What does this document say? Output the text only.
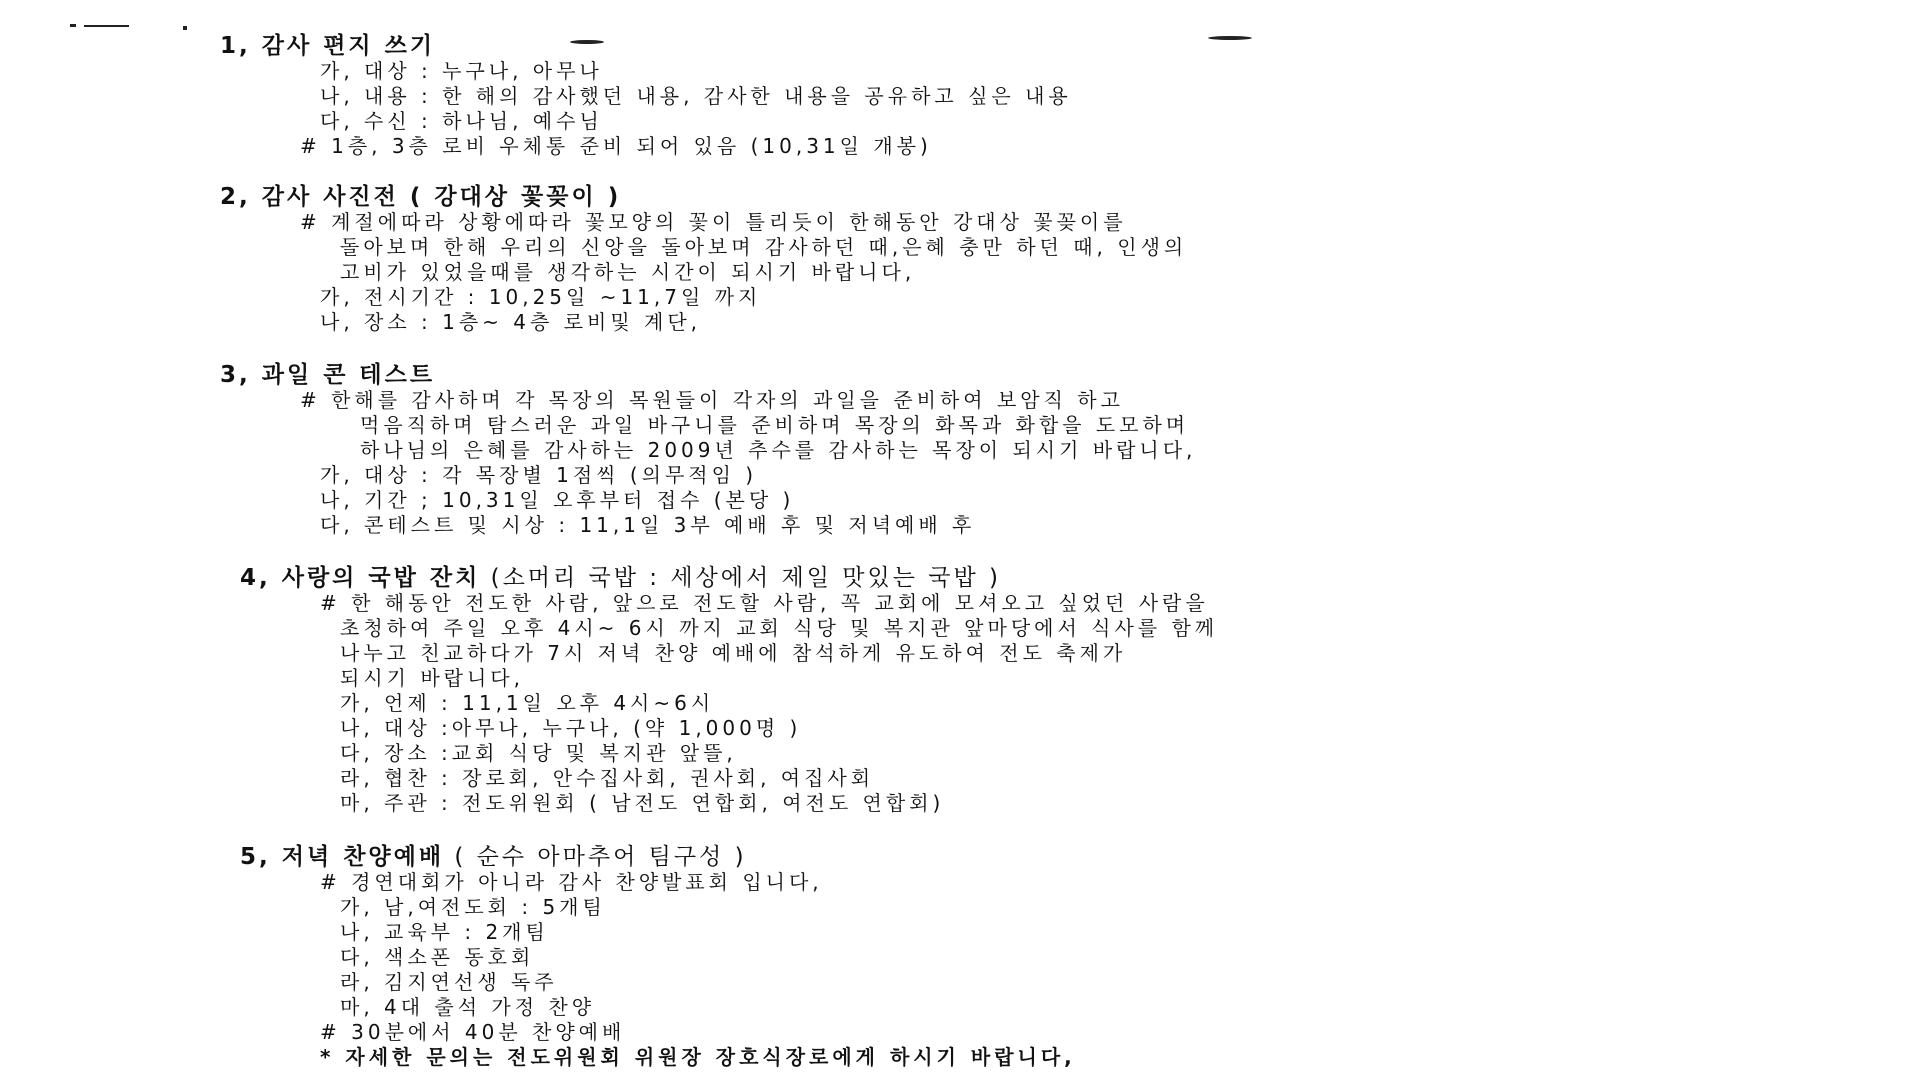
1, 감사 편지 쓰기
가, 대상 : 누구나, 아무나
나, 내용 : 한 해의 감사했던 내용, 감사한 내용을 공유하고 싶은 내용
다, 수신 : 하나님, 예수님
# 1층, 3층 로비 우체통 준비 되어 있음 (10,31일 개봉)
2, 감사 사진전 ( 강대상 꽃꽂이 )
# 계절에따라 상황에따라 꽃모양의 꽃이 틀리듯이 한해동안 강대상 꽃꽂이를
돌아보며 한해 우리의 신앙을 돌아보며 감사하던 때,은혜 충만 하던 때, 인생의
고비가 있었을때를 생각하는 시간이 되시기 바랍니다,
가, 전시기간 : 10,25일 ~11,7일 까지
나, 장소 : 1층~ 4층 로비및 계단,
3, 과일 콘 테스트
# 한해를 감사하며 각 목장의 목원들이 각자의 과일을 준비하여 보암직 하고
먹음직하며 탐스러운 과일 바구니를 준비하며 목장의 화목과 화합을 도모하며
하나님의 은혜를 감사하는 2009년 추수를 감사하는 목장이 되시기 바랍니다,
가, 대상 : 각 목장별 1점씩 (의무적임 )
나, 기간 ; 10,31일 오후부터 접수 (본당 )
다, 콘테스트 및 시상 : 11,1일 3부 예배 후 및 저녁예배 후
4, 사랑의 국밥 잔치 (소머리 국밥 : 세상에서 제일 맛있는 국밥 )
# 한 해동안 전도한 사람, 앞으로 전도할 사람, 꼭 교회에 모셔오고 싶었던 사람을
초청하여 주일 오후 4시~ 6시 까지 교회 식당 및 복지관 앞마당에서 식사를 함께
나누고 친교하다가 7시 저녁 찬양 예배에 참석하게 유도하여 전도 축제가
되시기 바랍니다,
가, 언제 : 11,1일 오후 4시~6시
나, 대상 :아무나, 누구나, (약 1,000명 )
다, 장소 :교회 식당 및 복지관 앞뜰,
라, 협찬 : 장로회, 안수집사회, 권사회, 여집사회
마, 주관 : 전도위원회 ( 남전도 연합회, 여전도 연합회)
5, 저녁 찬양예배 ( 순수 아마추어 팀구성 )
# 경연대회가 아니라 감사 찬양발표회 입니다,
가, 남,여전도회 : 5개팀
나, 교육부 : 2개팀
다, 색소폰 동호회
라, 김지연선생 독주
마, 4대 출석 가정 찬양
# 30분에서 40분 찬양예배
* 자세한 문의는 전도위원회 위원장 장호식장로에게 하시기 바랍니다,
